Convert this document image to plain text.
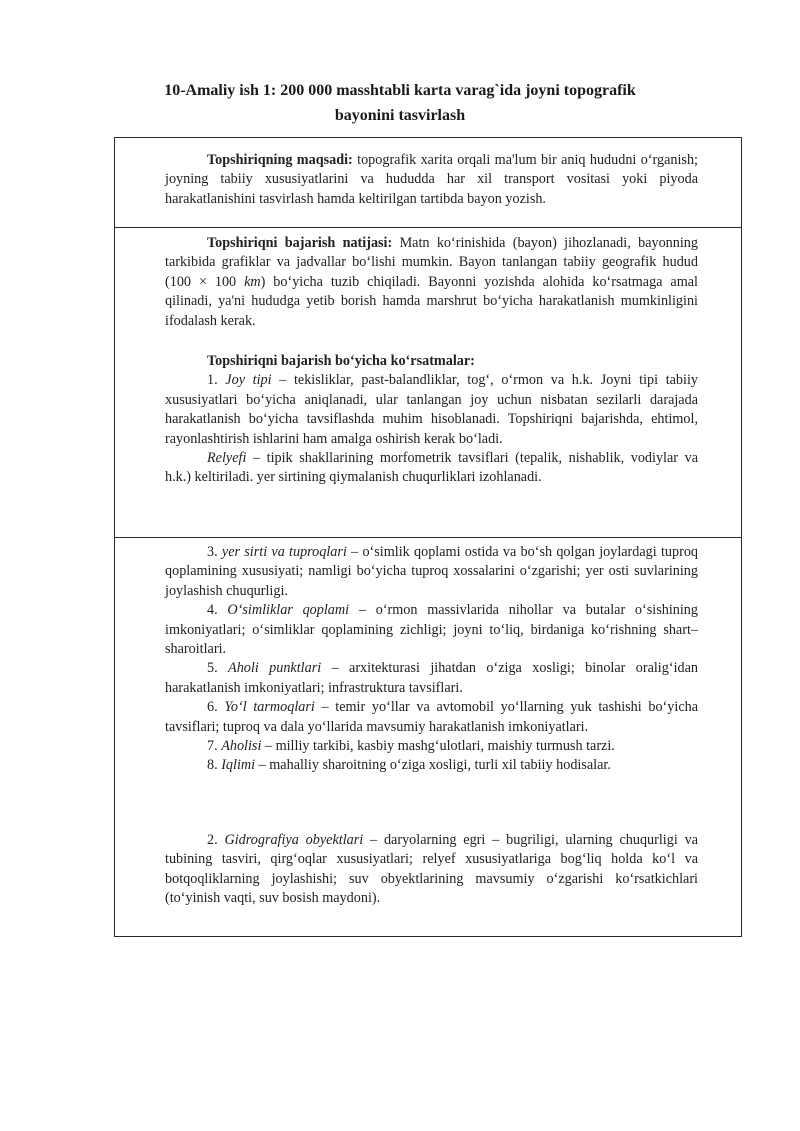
10-Amaliy ish 1: 200 000 masshtabli karta varag`ida joyni topografik
bayonini tasvirlash

Topshiriqning maqsadi: topografik xarita orqali ma'lum bir aniq hududni o‘rganish; joyning tabiiy xususiyatlarini va hududda har xil transport vositasi yoki piyoda harakatlanishini tasvirlash hamda keltirilgan tartibda bayon yozish.

Topshiriqni bajarish natijasi: Matn ko‘rinishida (bayon) jihozlanadi, bayonning tarkibida grafiklar va jadvallar bo‘lishi mumkin. Bayon tanlangan tabiiy geografik hudud (100 × 100 km) bo‘yicha tuzib chiqiladi. Bayonni yozishda alohida ko‘rsatmaga amal qilinadi, ya'ni hududga yetib borish hamda marshrut bo‘yicha harakatlanish mumkinligini ifodalash kerak.

Topshiriqni bajarish bo‘yicha ko‘rsatmalar:

1. Joy tipi – tekisliklar, past-balandliklar, tog‘, o‘rmon va h.k. Joyni tipi tabiiy xususiyatlari bo‘yicha aniqlanadi, ular tanlangan joy uchun nisbatan sezilarli darajada harakatlanish bo‘yicha tavsiflashda muhim hisoblanadi. Topshiriqni bajarishda, ehtimol, rayonlashtirish ishlarini ham amalga oshirish kerak bo‘ladi.

Relyefi – tipik shakllarining morfometrik tavsiflari (tepalik, nishablik, vodiylar va h.k.) keltiriladi. yer sirtining qiymalanish chuqurliklari izohlanadi.

3. yer sirti va tuproqlari – o‘simlik qoplami ostida va bo‘sh qolgan joylardagi tuproq qoplamining xususiyati; namligi bo‘yicha tuproq xossalarini o‘zgarishi; yer osti suvlarining joylashish chuqurligi.

4. O‘simliklar qoplami – o‘rmon massivlarida nihollar va butalar o‘sishining imkoniyatlari; o‘simliklar qoplamining zichligi; joyni to‘liq, birdaniga ko‘rishning shart–sharoitlari.

5. Aholi punktlari – arxitekturasi jihatdan o‘ziga xosligi; binolar oralig‘idan harakatlanish imkoniyatlari; infrastruktura tavsiflari.

6. Yo‘l tarmoqlari – temir yo‘llar va avtomobil yo‘llarning yuk tashishi bo‘yicha tavsiflari; tuproq va dala yo‘llarida mavsumiy harakatlanish imkoniyatlari.

7. Aholisi – milliy tarkibi, kasbiy mashg‘ulotlari, maishiy turmush tarzi.

8. Iqlimi – mahalliy sharoitning o‘ziga xosligi, turli xil tabiiy hodisalar.

2. Gidrografiya obyektlari – daryolarning egri – bugriligi, ularning chuqurligi va tubining tasviri, qirg‘oqlar xususiyatlari; relyef xususiyatlariga bog‘liq holda ko‘l va botqoqliklarning joylashishi; suv obyektlarining mavsumiy o‘zgarishi ko‘rsatkichlari (to‘yinish vaqti, suv bosish maydoni).
